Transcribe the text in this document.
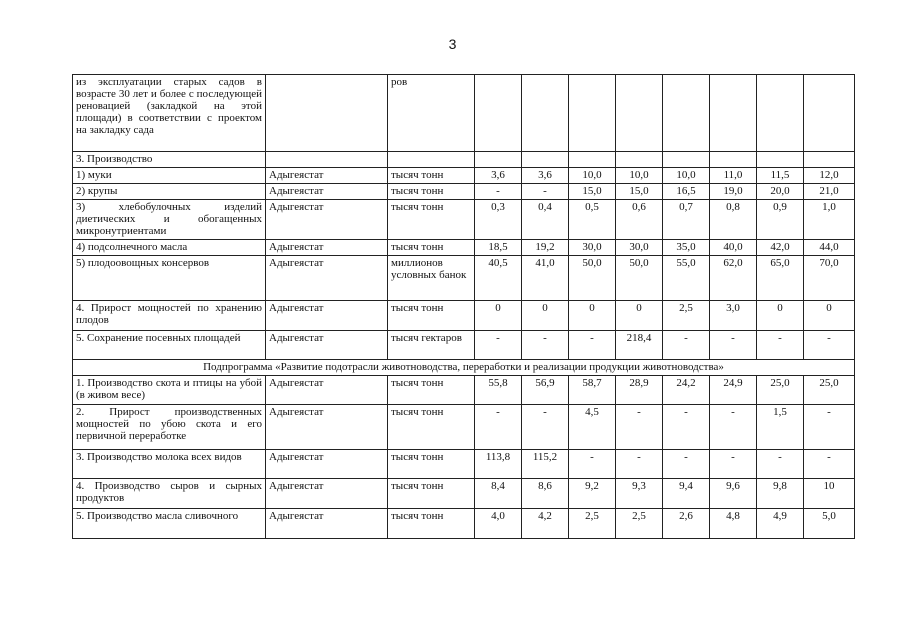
3
из эксплуатации старых садов в возрасте 30 лет и более с последующей реновацией (закладкой на этой площади) в соответствии с проектом на закладку сада		ров								
3. Производство										
1) муки	Адыгеястат	тысяч тонн	3,6	3,6	10,0	10,0	10,0	11,0	11,5	12,0
2) крупы	Адыгеястат	тысяч тонн	-	-	15,0	15,0	16,5	19,0	20,0	21,0
3) хлебобулочных изделий диетических и обогащенных микронутриентами	Адыгеястат	тысяч тонн	0,3	0,4	0,5	0,6	0,7	0,8	0,9	1,0
4) подсолнечного масла	Адыгеястат	тысяч тонн	18,5	19,2	30,0	30,0	35,0	40,0	42,0	44,0
5) плодоовощных консервов	Адыгеястат	миллионов условных банок	40,5	41,0	50,0	50,0	55,0	62,0	65,0	70,0
4. Прирост мощностей по хранению плодов	Адыгеястат	тысяч тонн	0	0	0	0	2,5	3,0	0	0
5. Сохранение посевных площадей	Адыгеястат	тысяч гектаров	-	-	-	218,4	-	-	-	-
Подпрограмма «Развитие подотрасли животноводства, переработки и реализации продукции животноводства»										
1. Производство скота и птицы на убой (в живом весе)	Адыгеястат	тысяч тонн	55,8	56,9	58,7	28,9	24,2	24,9	25,0	25,0
2. Прирост производственных мощностей по убою скота и его первичной переработке	Адыгеястат	тысяч тонн	-	-	4,5	-	-	-	1,5	-
3. Производство молока всех видов	Адыгеястат	тысяч тонн	113,8	115,2	-	-	-	-	-	-
4. Производство сыров и сырных продуктов	Адыгеястат	тысяч тонн	8,4	8,6	9,2	9,3	9,4	9,6	9,8	10
5. Производство масла сливочного	Адыгеястат	тысяч тонн	4,0	4,2	2,5	2,5	2,6	4,8	4,9	5,0
